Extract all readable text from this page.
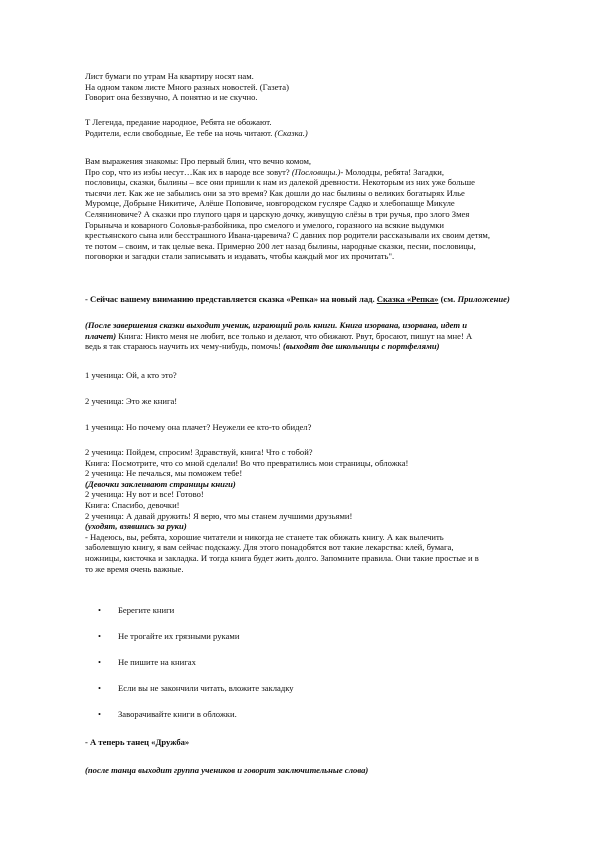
Лист бумаги по утрам На квартиру носят нам.
На одном таком листе Много разных новостей. (Газета)
Говорит она беззвучно, А понятно и не скучно.
Т Легенда, предание народное, Ребята не обожают.
Родители, если свободные, Ее тебе на ночь читают. (Сказка.)
Вам выражения знакомы: Про первый блин, что вечно комом,
Про сор, что из избы несут…Как их в народе все зовут? (Пословицы.)- Молодцы, ребята! Загадки,
пословицы, сказки, былины – все они пришли к нам из далекой древности. Некоторым из них уже больше
тысячи лет. Как же не забылись они за это время? Как дошли до нас былины о великих богатырях Илье
Муромце, Добрыне Никитиче, Алёше Поповиче, новгородском гусляре Садко и хлебопашце Микуле
Селяниновиче? А сказки про глупого царя и царскую дочку, живущую слёзы в три ручья, про злого Змея
Горыныча и коварного Соловья-разбойника, про смелого и умелого, горазного на всякие выдумки
крестьянского сына или бесстрашного Ивана-царевича? С давних пор родители рассказывали их своим детям,
те потом – своим, и так целые века. Примерно 200 лет назад былины, народные сказки, песни, пословицы,
поговорки и загадки стали записывать и издавать, чтобы каждый мог их прочитать".
- Сейчас вашему вниманию представляется сказка «Репка» на новый лад. Сказка «Репка» (см. Приложение)
(После завершения сказки выходит ученик, играющий роль книги. Книга изорвана, изорвана, идет и
плачет) Книга: Никто меня не любит, все только и делают, что обижают. Рвут, бросают, пишут на мне! А
ведь я так стараюсь научить их чему-нибудь, помочь! (выходят две школьницы с портфелями)
1 ученица: Ой, а кто это?
2 ученица: Это же книга!
1 ученица: Но почему она плачет? Неужели ее кто-то обидел?
2 ученица: Пойдем, спросим! Здравствуй, книга! Что с тобой?
Книга: Посмотрите, что со мной сделали! Во что превратились мои страницы, обложка!
2 ученица: Не печалься, мы поможем тебе!
(Девочки заклеивают страницы книги)
2 ученица: Ну вот и все! Готово!
Книга: Спасибо, девочки!
2 ученица: А давай дружить! Я верю, что мы станем лучшими друзьями!
(уходят, взявшись за руки)
- Надеюсь, вы, ребята, хорошие читатели и никогда не станете так обижать книгу. А как вылечить
заболевшую книгу, я вам сейчас подскажу. Для этого понадобятся вот такие лекарства: клей, бумага,
ножницы, кисточка и закладка. И тогда книга будет жить долго. Запомните правила. Они такие простые и в
то же время очень важные.
• Берегите книги
• Не трогайте их грязными руками
• Не пишите на книгах
• Если вы не закончили читать, вложите закладку
• Заворачивайте книги в обложки.
- А теперь танец «Дружба»
(после танца выходит группа учеников и говорит заключительные слова)
